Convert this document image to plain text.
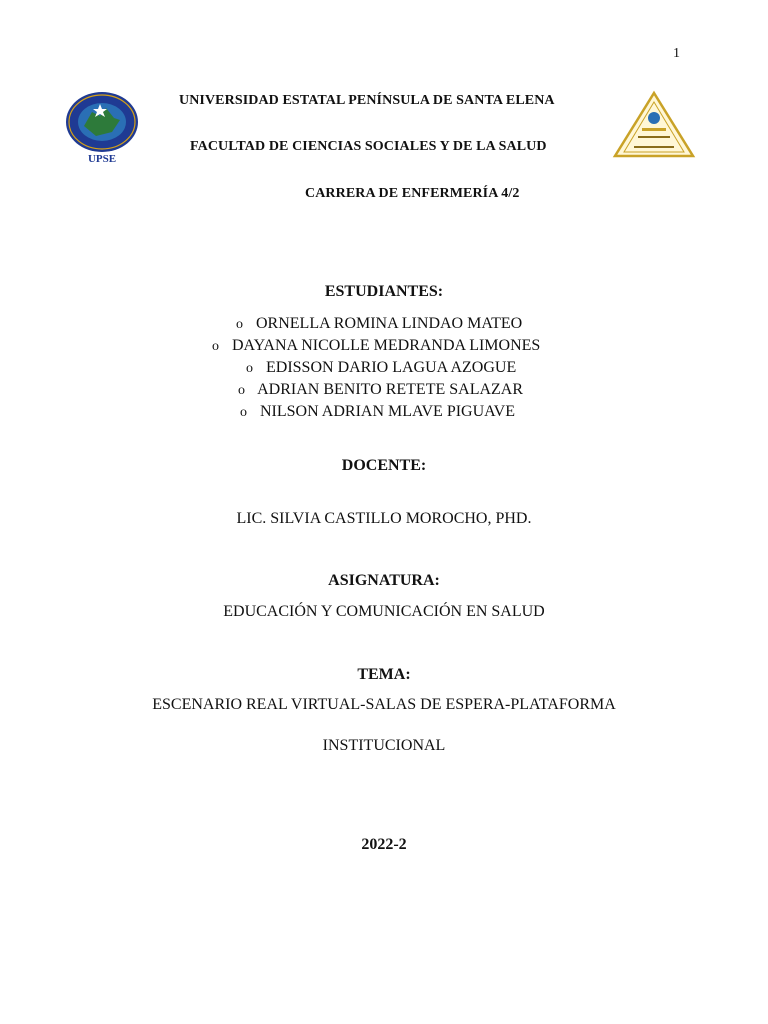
1
UPSE
UNIVERSIDAD ESTATAL PENÍNSULA DE SANTA ELENA
FACULTAD DE CIENCIAS SOCIALES Y DE LA SALUD
CARRERA DE ENFERMERÍA 4/2
ESTUDIANTES:
o ORNELLA ROMINA LINDAO MATEO
o DAYANA NICOLLE MEDRANDA LIMONES
o EDISSON DARIO LAGUA AZOGUE
o ADRIAN BENITO RETETE SALAZAR
o NILSON ADRIAN MLAVE PIGUAVE
DOCENTE:
LIC. SILVIA CASTILLO MOROCHO, PHD.
ASIGNATURA:
EDUCACIÓN Y COMUNICACIÓN EN SALUD
TEMA:
ESCENARIO REAL VIRTUAL-SALAS DE ESPERA-PLATAFORMA
INSTITUCIONAL
2022-2
